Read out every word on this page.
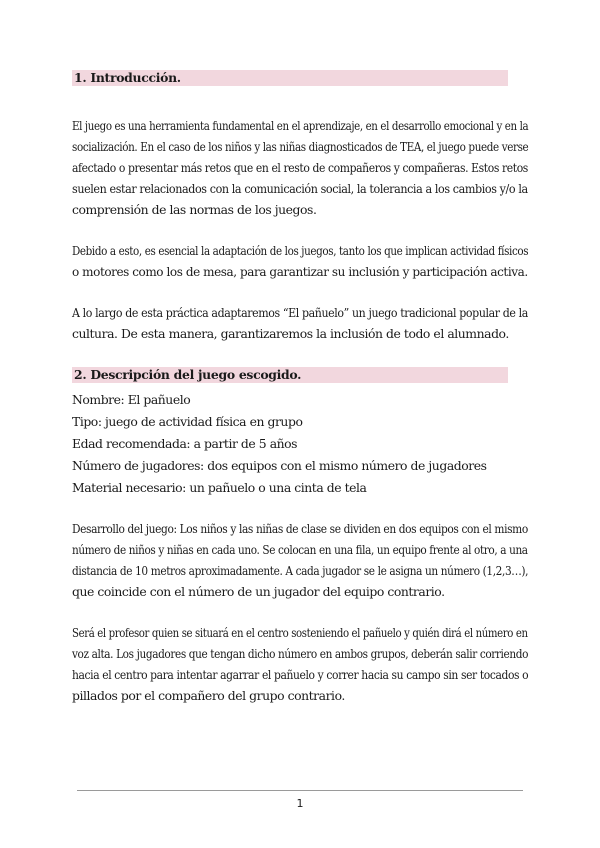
1. Introducción.
El juego es una herramienta fundamental en el aprendizaje, en el desarrollo emocional y en la
socialización. En el caso de los niños y las niñas diagnosticados de TEA, el juego puede verse
afectado o presentar más retos que en el resto de compañeros y compañeras. Estos retos
suelen estar relacionados con la comunicación social, la tolerancia a los cambios y/o la
comprensión de las normas de los juegos.
Debido a esto, es esencial la adaptación de los juegos, tanto los que implican actividad físicos
o motores como los de mesa, para garantizar su inclusión y participación activa.
A lo largo de esta práctica adaptaremos “El pañuelo” un juego tradicional popular de la
cultura. De esta manera, garantizaremos la inclusión de todo el alumnado.
2. Descripción del juego escogido.
Nombre: El pañuelo
Tipo: juego de actividad física en grupo
Edad recomendada: a partir de 5 años
Número de jugadores: dos equipos con el mismo número de jugadores
Material necesario: un pañuelo o una cinta de tela
Desarrollo del juego: Los niños y las niñas de clase se dividen en dos equipos con el mismo
número de niños y niñas en cada uno. Se colocan en una fila, un equipo frente al otro, a una
distancia de 10 metros aproximadamente. A cada jugador se le asigna un número (1,2,3…),
que coincide con el número de un jugador del equipo contrario.
Será el profesor quien se situará en el centro sosteniendo el pañuelo y quién dirá el número en
voz alta. Los jugadores que tengan dicho número en ambos grupos, deberán salir corriendo
hacia el centro para intentar agarrar el pañuelo y correr hacia su campo sin ser tocados o
pillados por el compañero del grupo contrario.
1
